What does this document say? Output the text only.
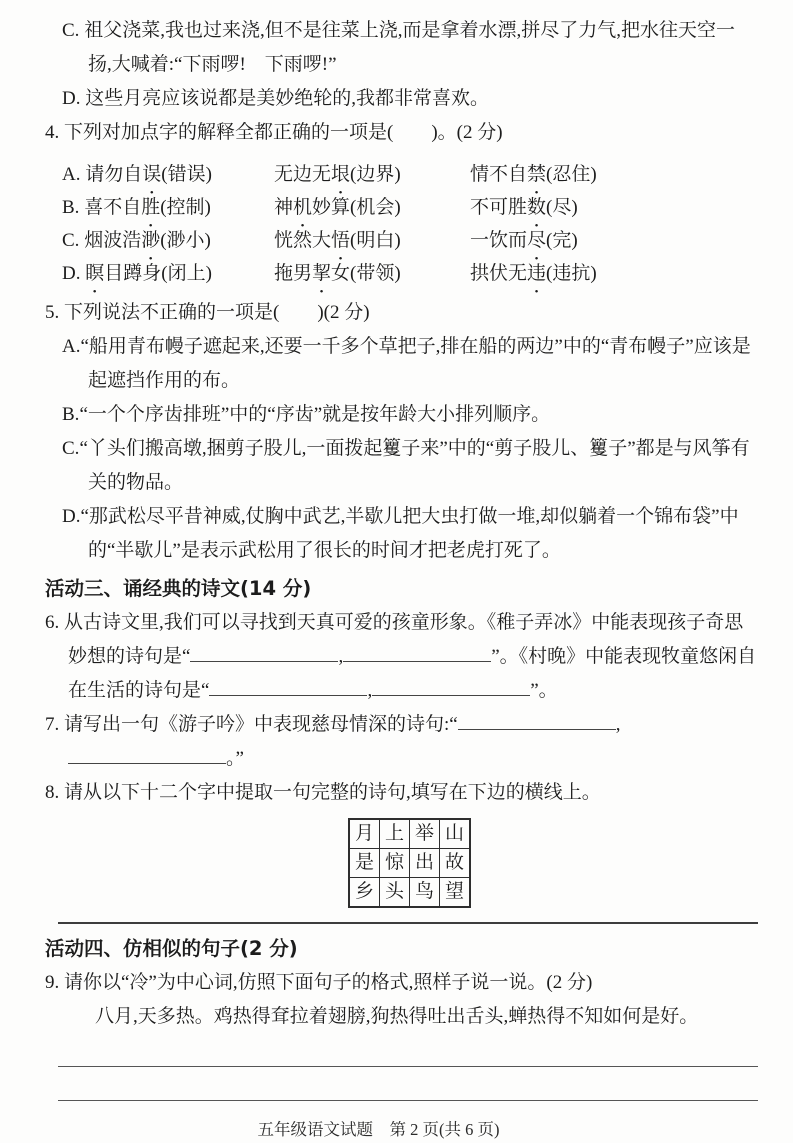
C. 祖父浇菜,我也过来浇,但不是往菜上浇,而是拿着水漂,拼尽了力气,把水往天空一扬,大喊着:“下雨啰!　下雨啰!”

D. 这些月亮应该说都是美妙绝轮的,我都非常喜欢。

4. 下列对加点字的解释全都正确的一项是(　　)。(2 分)

A. 请勿自误(错误)	无边无垠(边界)	情不自禁(忍住)
B. 喜不自胜(控制)	神机妙算(机会)	不可胜数(尽)
C. 烟波浩渺(渺小)	恍然大悟(明白)	一饮而尽(完)
D. 瞑目蹲身(闭上)	拖男挈女(带领)	拱伏无违(违抗)

5. 下列说法不正确的一项是(　　)(2 分)

A.“船用青布幔子遮起来,还要一千多个草把子,排在船的两边”中的“青布幔子”应该是起遮挡作用的布。

B.“一个个序齿排班”中的“序齿”就是按年龄大小排列顺序。

C.“丫头们搬高墩,捆剪子股儿,一面拨起籰子来”中的“剪子股儿、籰子”都是与风筝有关的物品。

D.“那武松尽平昔神威,仗胸中武艺,半歇儿把大虫打做一堆,却似躺着一个锦布袋”中的“半歇儿”是表示武松用了很长的时间才把老虎打死了。

活动三、诵经典的诗文(14 分)

6. 从古诗文里,我们可以寻找到天真可爱的孩童形象。《稚子弄冰》中能表现孩子奇思妙想的诗句是“	,	”。《村晚》中能表现牧童悠闲自在生活的诗句是“	,	”。

7. 请写出一句《游子吟》中表现慈母情深的诗句:“	,。”

8. 请从以下十二个字中提取一句完整的诗句,填写在下边的横线上。

月	上	举	山
是	惊	出	故
乡	头	鸟	望
活动四、仿相似的句子(2 分)

9. 请你以“冷”为中心词,仿照下面句子的格式,照样子说一说。(2 分)

八月,天多热。鸡热得耷拉着翅膀,狗热得吐出舌头,蝉热得不知如何是好。

五年级语文试题　第 2 页(共 6 页)
